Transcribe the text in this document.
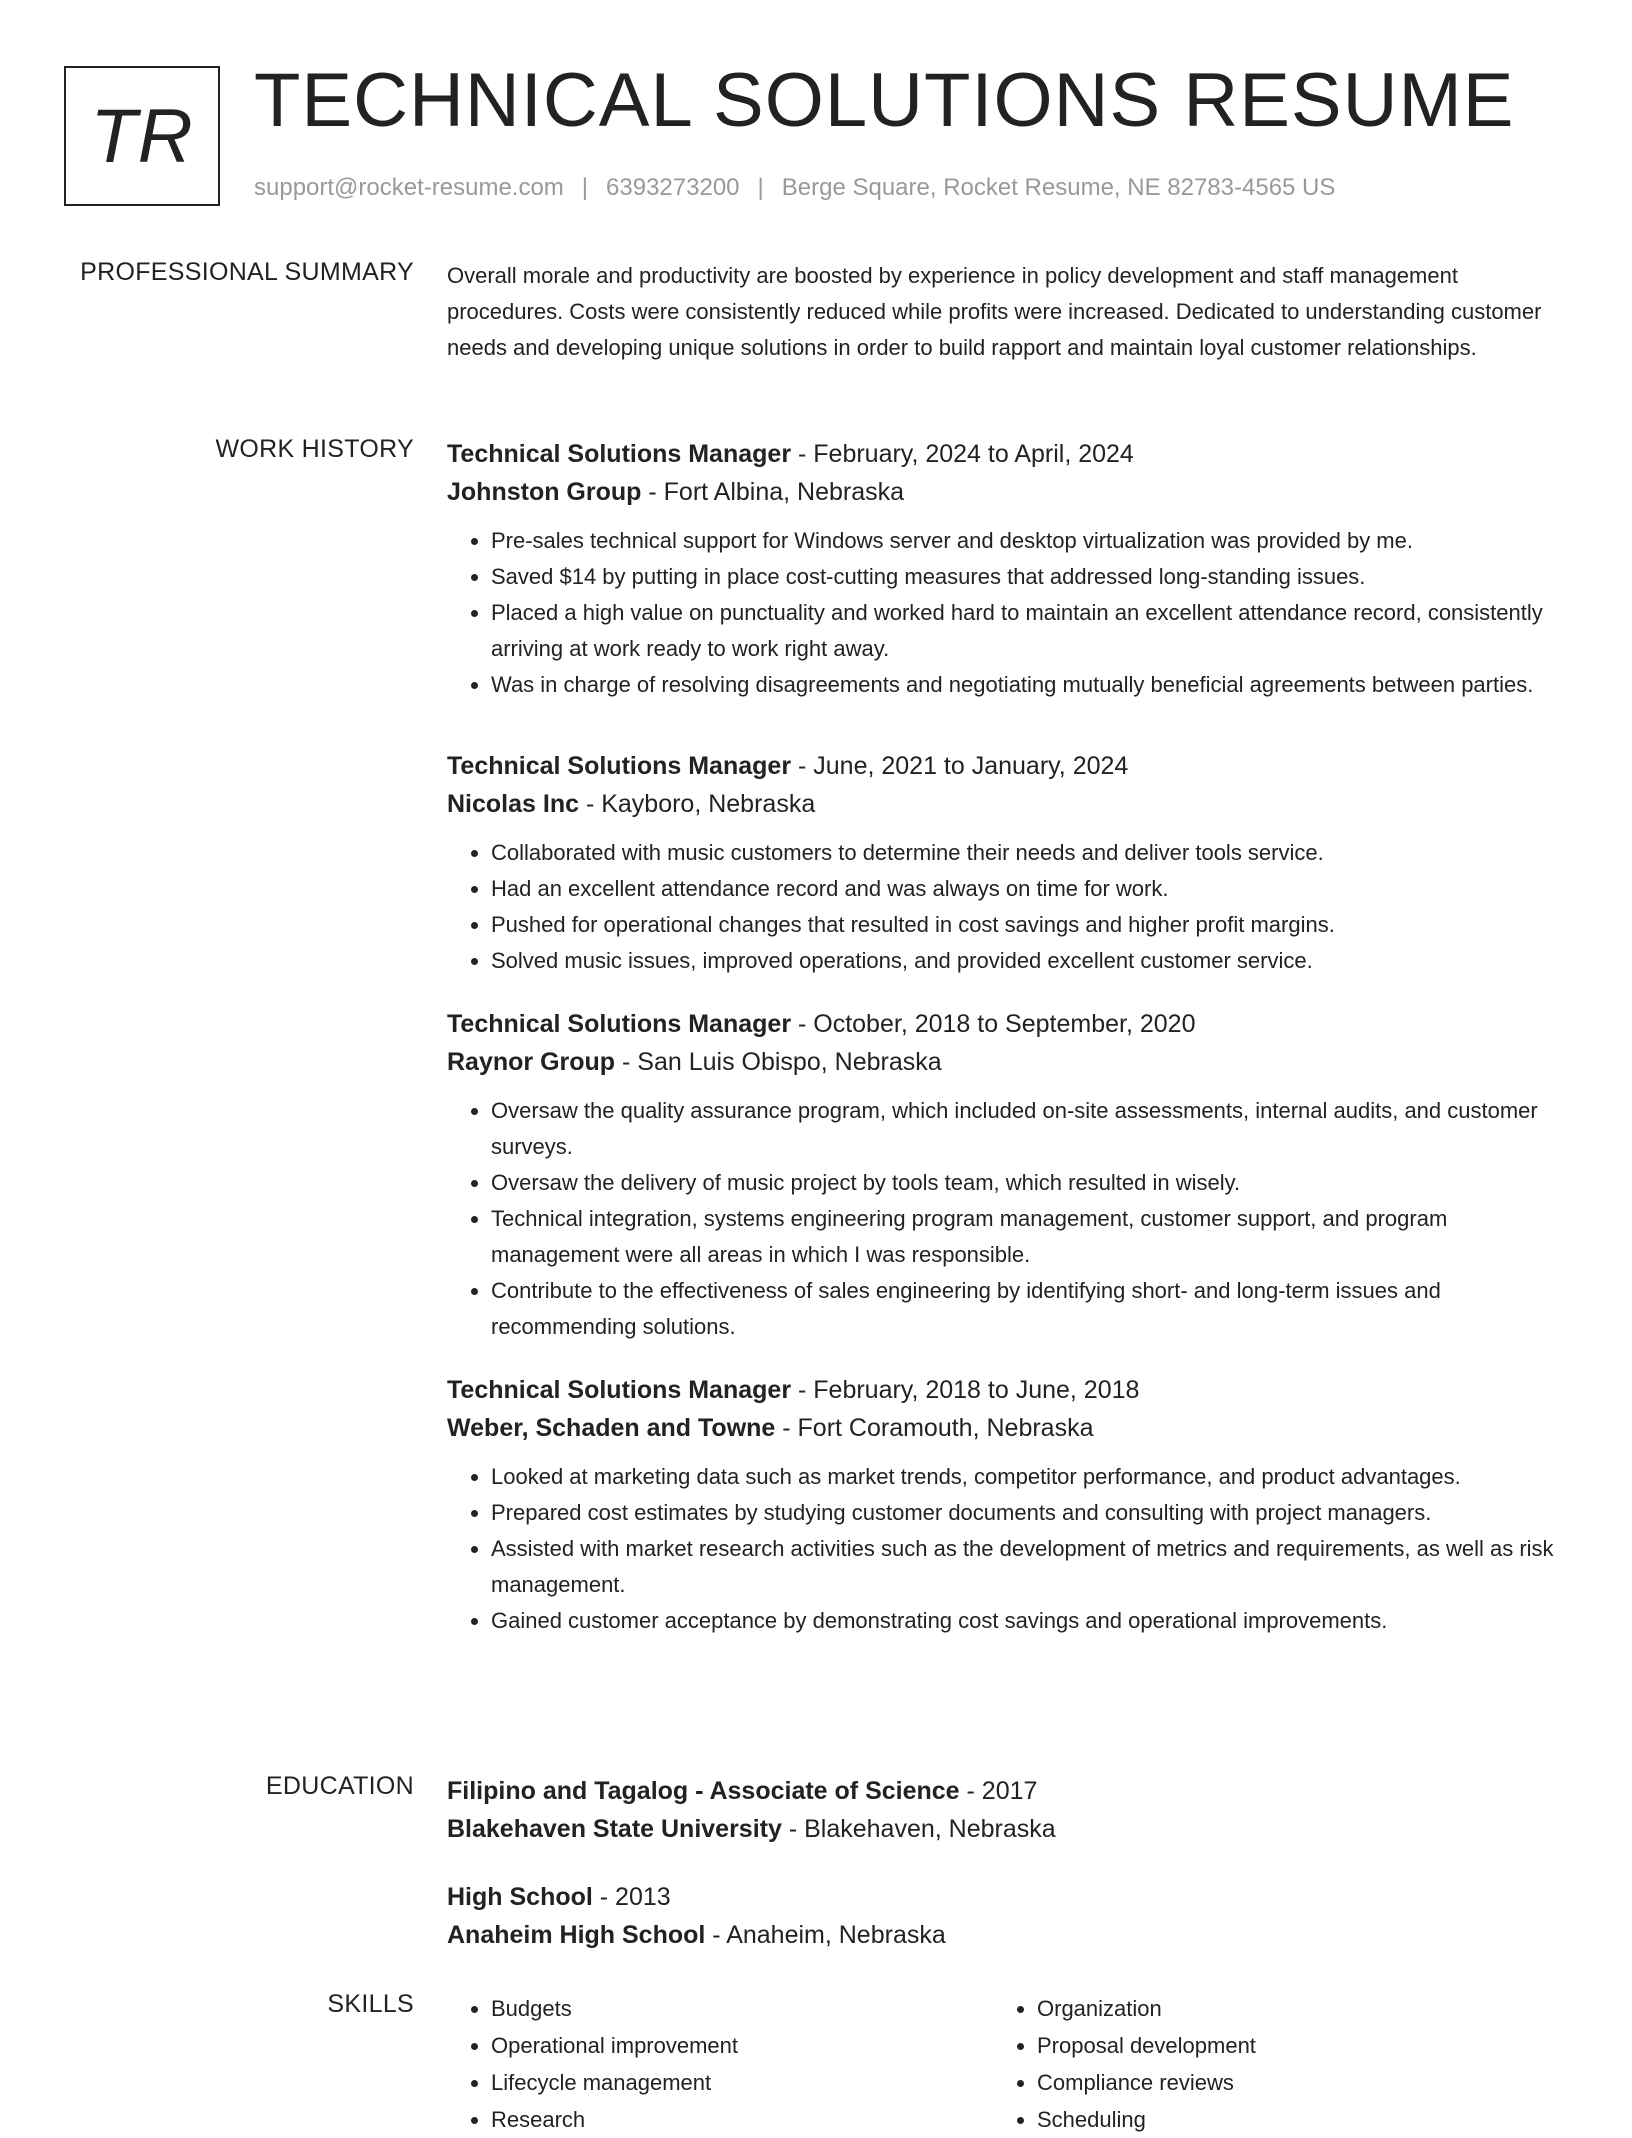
TR TECHNICAL SOLUTIONS RESUME
support@rocket-resume.com | 6393273200 | Berge Square, Rocket Resume, NE 82783-4565 US
PROFESSIONAL SUMMARY Overall morale and productivity are boosted by experience in policy development and staff management procedures. Costs were consistently reduced while profits were increased. Dedicated to understanding customer needs and developing unique solutions in order to build rapport and maintain loyal customer relationships.

WORK HISTORY Technical Solutions Manager - February, 2024 to April, 2024
Johnston Group - Fort Albina, Nebraska
• Pre-sales technical support for Windows server and desktop virtualization was provided by me.
• Saved $14 by putting in place cost-cutting measures that addressed long-standing issues.
• Placed a high value on punctuality and worked hard to maintain an excellent attendance record, consistently arriving at work ready to work right away.
• Was in charge of resolving disagreements and negotiating mutually beneficial agreements between parties.
Technical Solutions Manager - June, 2021 to January, 2024
Nicolas Inc - Kayboro, Nebraska
• Collaborated with music customers to determine their needs and deliver tools service.
• Had an excellent attendance record and was always on time for work.
• Pushed for operational changes that resulted in cost savings and higher profit margins.
• Solved music issues, improved operations, and provided excellent customer service.
Technical Solutions Manager - October, 2018 to September, 2020
Raynor Group - San Luis Obispo, Nebraska
• Oversaw the quality assurance program, which included on-site assessments, internal audits, and customer surveys.
• Oversaw the delivery of music project by tools team, which resulted in wisely.
• Technical integration, systems engineering program management, customer support, and program management were all areas in which I was responsible.
• Contribute to the effectiveness of sales engineering by identifying short- and long-term issues and recommending solutions.
Technical Solutions Manager - February, 2018 to June, 2018
Weber, Schaden and Towne - Fort Coramouth, Nebraska
• Looked at marketing data such as market trends, competitor performance, and product advantages.
• Prepared cost estimates by studying customer documents and consulting with project managers.
• Assisted with market research activities such as the development of metrics and requirements, as well as risk management.
• Gained customer acceptance by demonstrating cost savings and operational improvements.
EDUCATION Filipino and Tagalog - Associate of Science - 2017
Blakehaven State University - Blakehaven, Nebraska
High School - 2013
Anaheim High School - Anaheim, Nebraska
SKILLS
•	Budgets
• Operational improvement
• Lifecycle management
• Research
• Organization
• Proposal development
• Compliance reviews
• Scheduling
